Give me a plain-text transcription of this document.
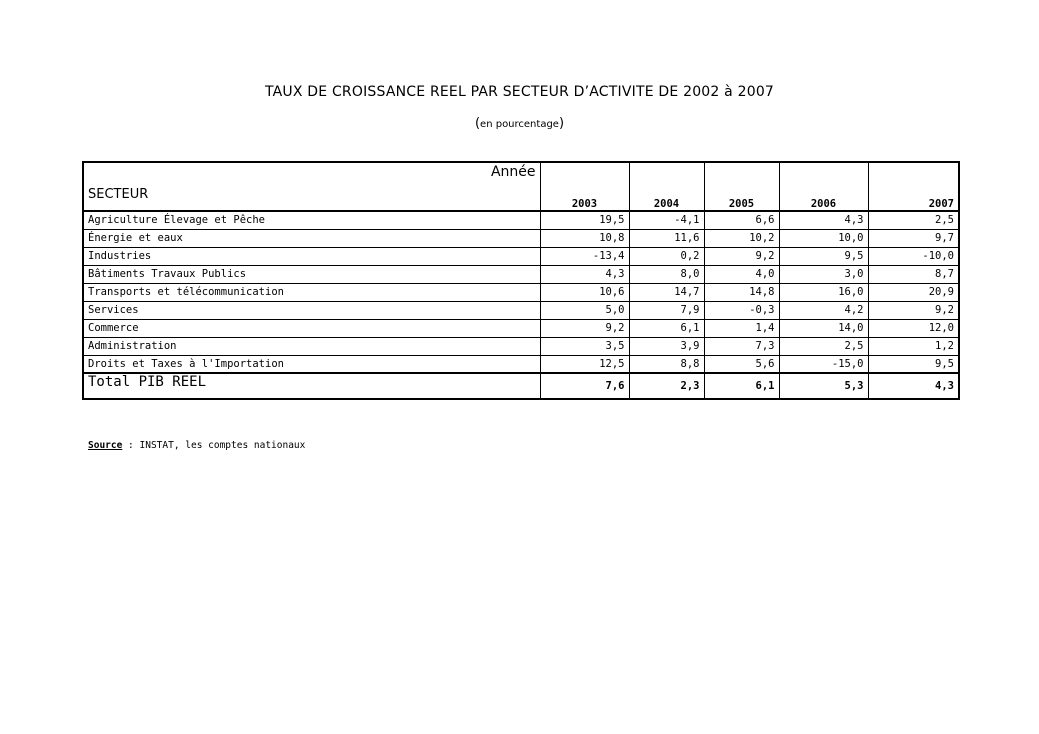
TAUX DE CROISSANCE REEL PAR SECTEUR D’ACTIVITE DE 2002 à 2007
(en pourcentage)
Année
SECTEUR	2003	2004	2005	2006	2007
Agriculture Élevage et Pêche	19,5	-4,1	6,6	4,3	2,5
Énergie et eaux	10,8	11,6	10,2	10,0	9,7
Industries	-13,4	0,2	9,2	9,5	-10,0
Bâtiments Travaux Publics	4,3	8,0	4,0	3,0	8,7
Transports et télécommunication	10,6	14,7	14,8	16,0	20,9
Services	5,0	7,9	-0,3	4,2	9,2
Commerce	9,2	6,1	1,4	14,0	12,0
Administration	3,5	3,9	7,3	2,5	1,2
Droits et Taxes à l'Importation	12,5	8,8	5,6	-15,0	9,5
Total PIB REEL	7,6	2,3	6,1	5,3	4,3
Source : INSTAT, les comptes nationaux
